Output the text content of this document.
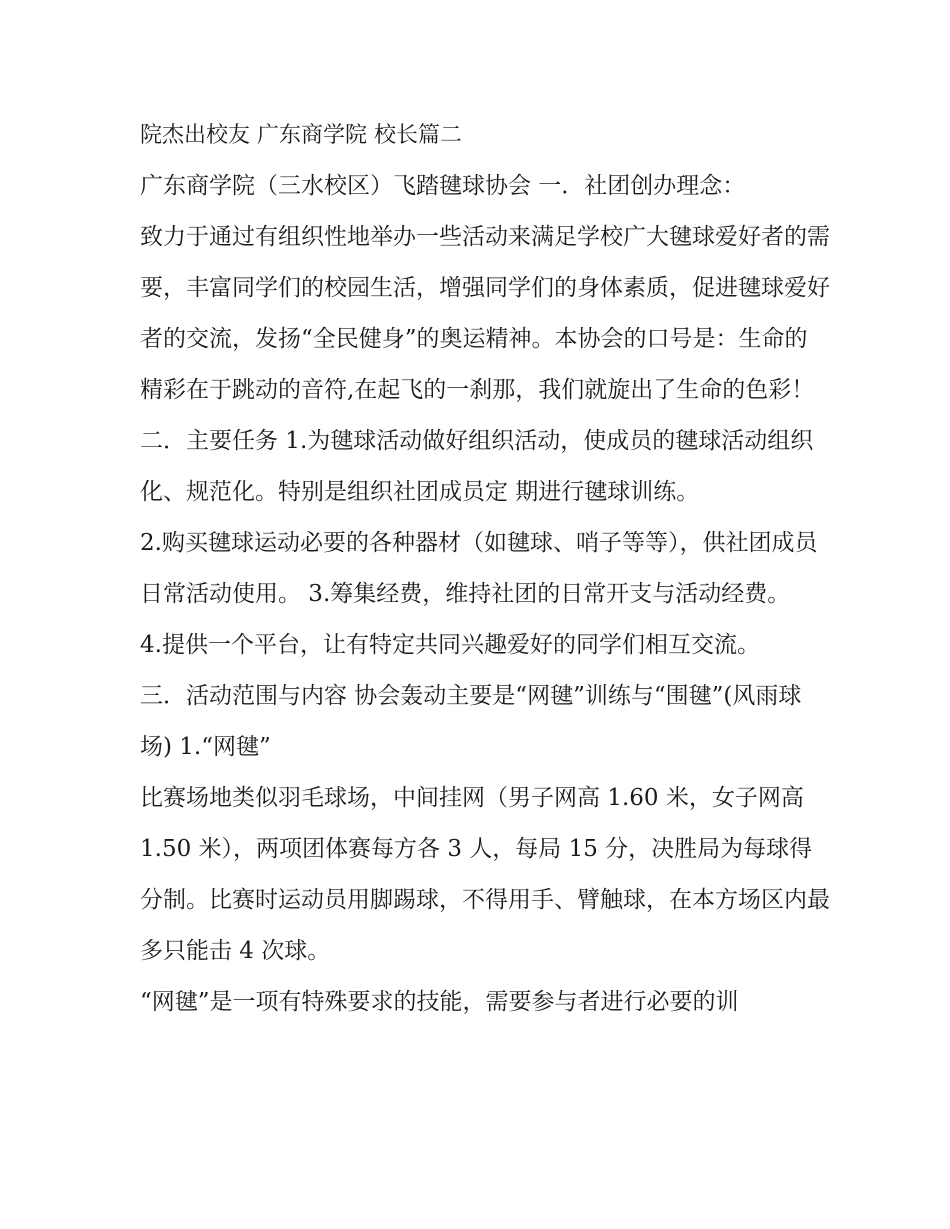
院杰出校友 广东商学院 校长篇二

广东商学院（三水校区）飞踏毽球协会 一．社团创办理念：

致力于通过有组织性地举办一些活动来满足学校广大毽球爱好者的需要，丰富同学们的校园生活，增强同学们的身体素质，促进毽球爱好者的交流，发扬“全民健身”的奥运精神。本协会的口号是：生命的精彩在于跳动的音符,在起飞的一刹那，我们就旋出了生命的色彩！

二．主要任务 1.为毽球活动做好组织活动，使成员的毽球活动组织化、规范化。特别是组织社团成员定 期进行毽球训练。

2.购买毽球运动必要的各种器材（如毽球、哨子等等），供社团成员日常活动使用。 3.筹集经费，维持社团的日常开支与活动经费。

4.提供一个平台，让有特定共同兴趣爱好的同学们相互交流。

三．活动范围与内容 协会轰动主要是“网毽”训练与“围毽”(风雨球场) 1.“网毽”

比赛场地类似羽毛球场，中间挂网（男子网高 1.60 米，女子网高 1.50 米），两项团体赛每方各 3 人，每局 15 分，决胜局为每球得分制。比赛时运动员用脚踢球，不得用手、臂触球，在本方场区内最多只能击 4 次球。

“网毽”是一项有特殊要求的技能，需要参与者进行必要的训
